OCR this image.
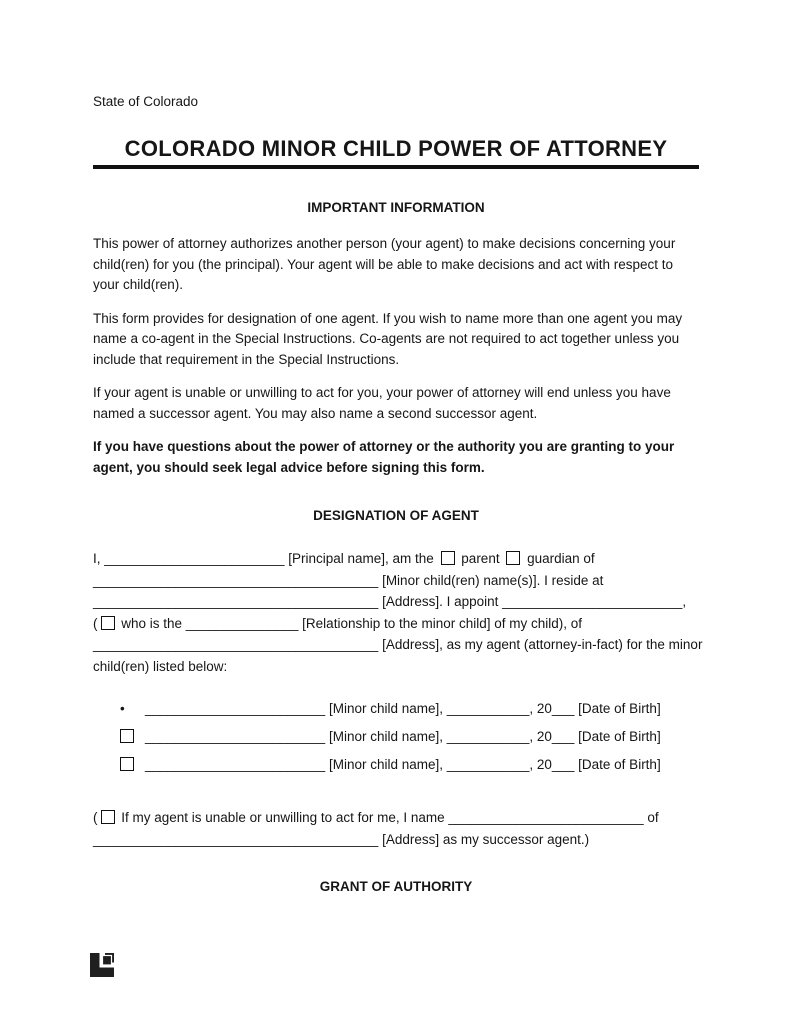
State of Colorado
COLORADO MINOR CHILD POWER OF ATTORNEY
IMPORTANT INFORMATION

This power of attorney authorizes another person (your agent) to make decisions concerning your child(ren) for you (the principal). Your agent will be able to make decisions and act with respect to your child(ren).

This form provides for designation of one agent. If you wish to name more than one agent you may name a co-agent in the Special Instructions. Co-agents are not required to act together unless you include that requirement in the Special Instructions.

If your agent is unable or unwilling to act for you, your power of attorney will end unless you have named a successor agent. You may also name a second successor agent.

If you have questions about the power of attorney or the authority you are granting to your agent, you should seek legal advice before signing this form.

DESIGNATION OF AGENT
I, ________________________ [Principal name], am the  parent  guardian of
______________________________________ [Minor child(ren) name(s)]. I reside at
______________________________________ [Address]. I appoint ________________________,
( who is the _______________ [Relationship to the minor child] of my child), of
______________________________________ [Address], as my agent (attorney-in-fact) for the minor
child(ren) listed below:
• ________________________ [Minor child name], ___________, 20___ [Date of Birth]
________________________ [Minor child name], ___________, 20___ [Date of Birth]
________________________ [Minor child name], ___________, 20___ [Date of Birth]
( If my agent is unable or unwilling to act for me, I name __________________________ of
______________________________________ [Address] as my successor agent.)
GRANT OF AUTHORITY
